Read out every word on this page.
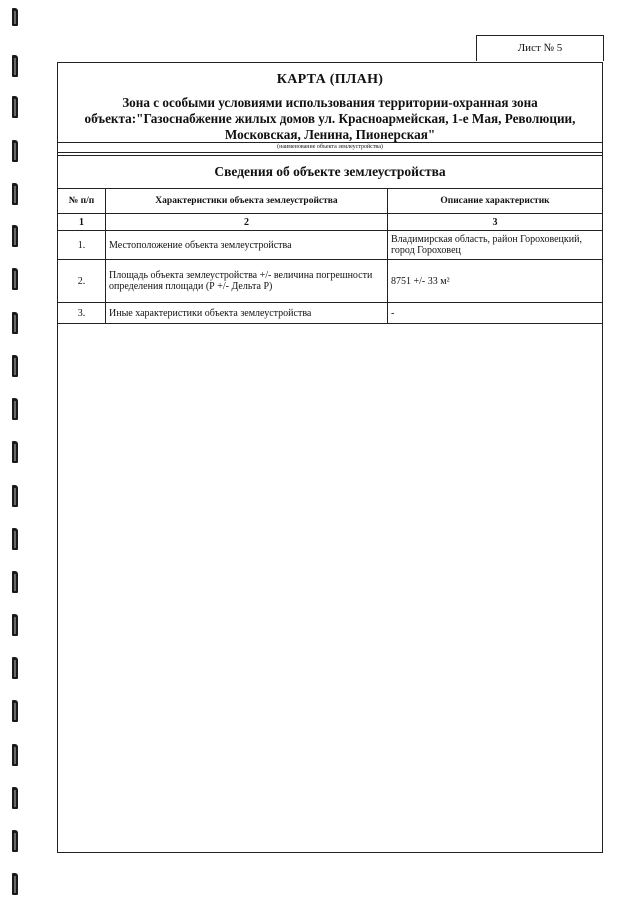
Лист № 5
КАРТА (ПЛАН)
Зона с особыми условиями использования территории-охранная зона объекта:"Газоснабжение жилых домов ул. Красноармейская, 1-е Мая, Революции, Московская, Ленина, Пионерская"
(наименование объекта землеустройства)
Сведения об объекте землеустройства
№ п/п	Характеристики объекта землеустройства	Описание характеристик
1	2	3
1.	Местоположение объекта землеустройства	Владимирская область, район Гороховецкий, город Гороховец
2.	Площадь объекта землеустройства +/- величина погрешности определения площади (Р +/- Дельта Р)	8751 +/- 33 м²
3.	Иные характеристики объекта землеустройства	-
